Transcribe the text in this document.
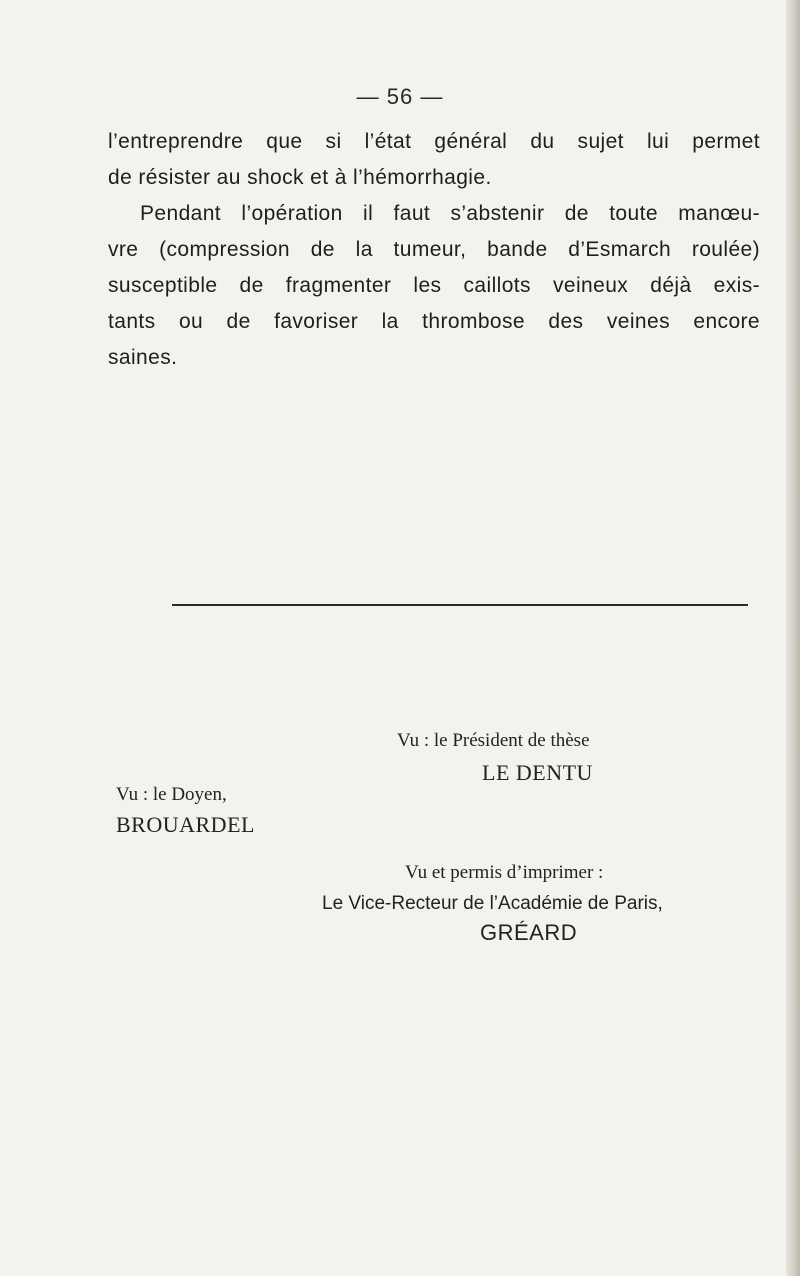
— 56 —
l’entreprendre que si l’état général du sujet lui permet
de résister au shock et à l’hémorrhagie.
Pendant l’opération il faut s’abstenir de toute manœu-
vre (compression de la tumeur, bande d’Esmarch roulée)
susceptible de fragmenter les caillots veineux déjà exis-
tants ou de favoriser la thrombose des veines encore
saines.
Vu : le Président de thèse
LE DENTU
Vu : le Doyen,
BROUARDEL
Vu et permis d’imprimer :
Le Vice-Recteur de l’Académie de Paris,
GRÉARD
